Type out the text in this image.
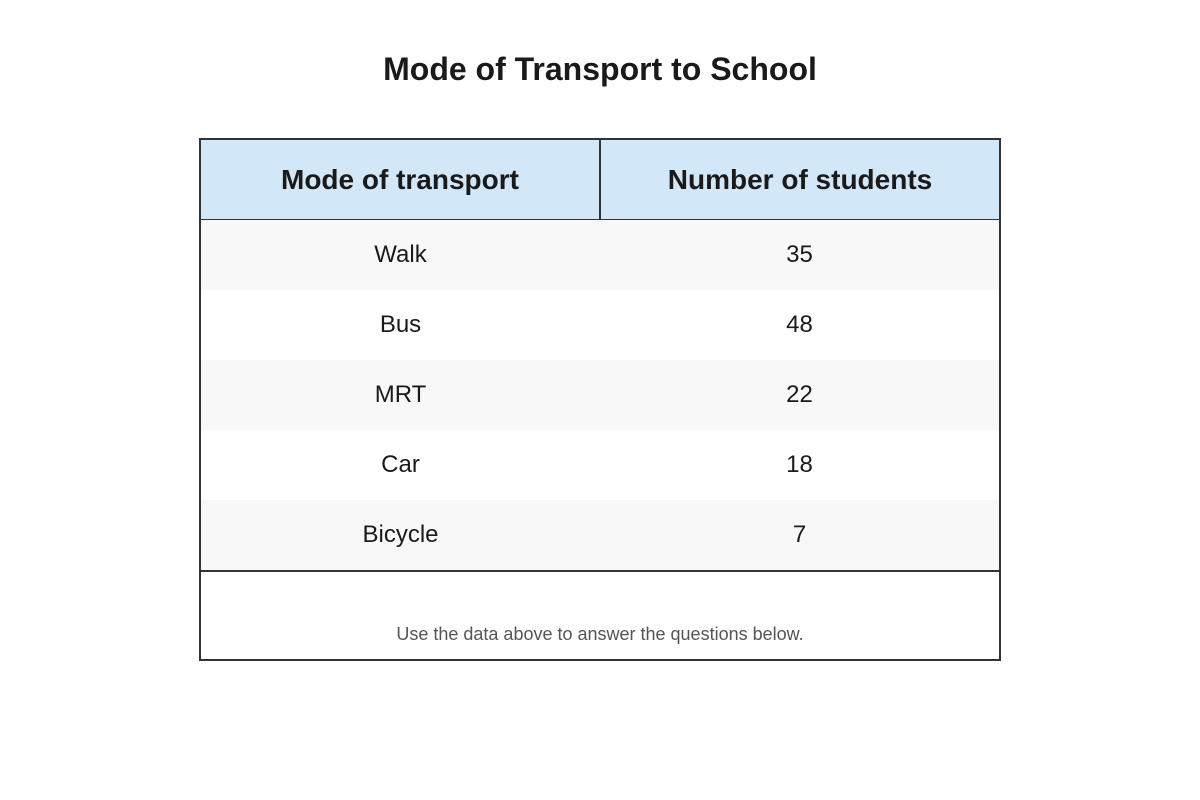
Mode of Transport to School
Mode of transport	Number of students
Walk	35
Bus	48
MRT	22
Car	18
Bicycle	7
Use the data above to answer the questions below.
